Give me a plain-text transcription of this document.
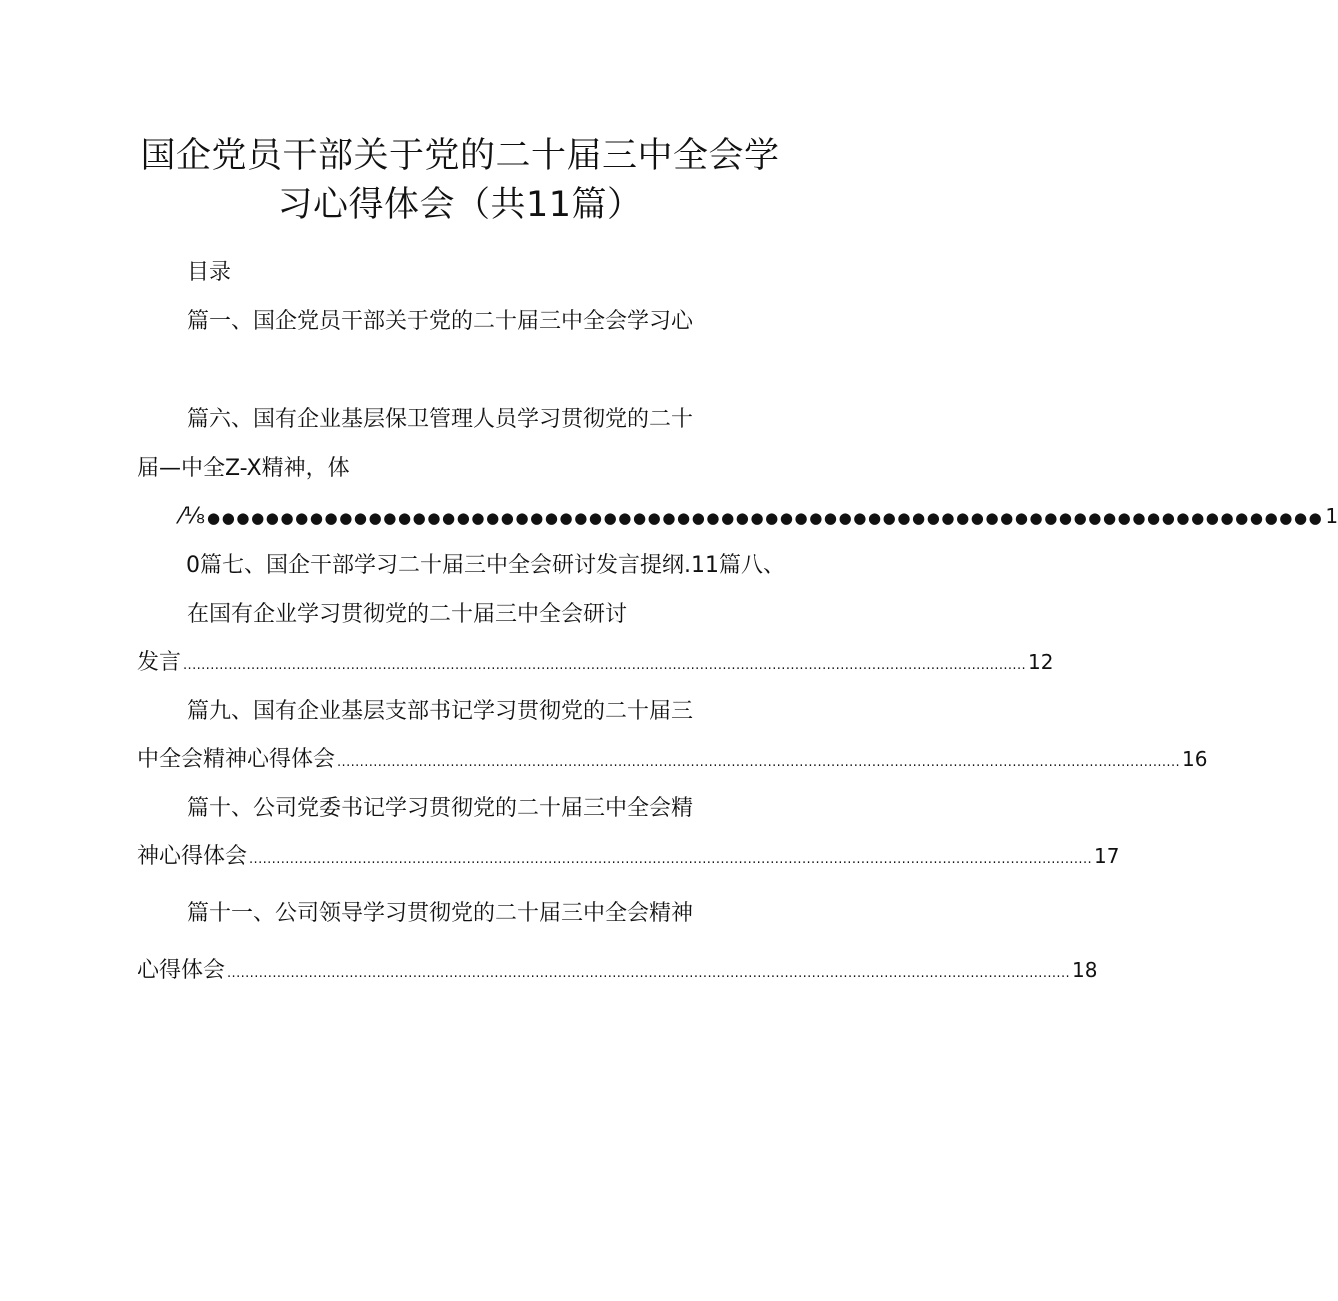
国企党员干部关于党的二十届三中全会学
习心得体会（共11篇）
目录
篇一、国企党员干部关于党的二十届三中全会学习心
篇六、国有企业基层保卫管理人员学习贯彻党的二十
届—中全Z-X精神，体
⁄⅛ ●●●●●●●●●●●●●●●●●●●●●●●●●●●●●●●●●●●●●●●●●●●●●●●●●●●●●●●●●●●●●●●●●●●●●●●●●●●● 1
0篇七、国企干部学习二十届三中全会研讨发言提纲.11篇八、
在国有企业学习贯彻党的二十届三中全会研讨
发言 .......................................................................................................................................................................................... 12
篇九、国有企业基层支部书记学习贯彻党的二十届三
中全会精神心得体会 .......................................................................................................................................................................................... 16
篇十、公司党委书记学习贯彻党的二十届三中全会精
神心得体会 .......................................................................................................................................................................................... 17
篇十一、公司领导学习贯彻党的二十届三中全会精神
心得体会 .......................................................................................................................................................................................... 18
